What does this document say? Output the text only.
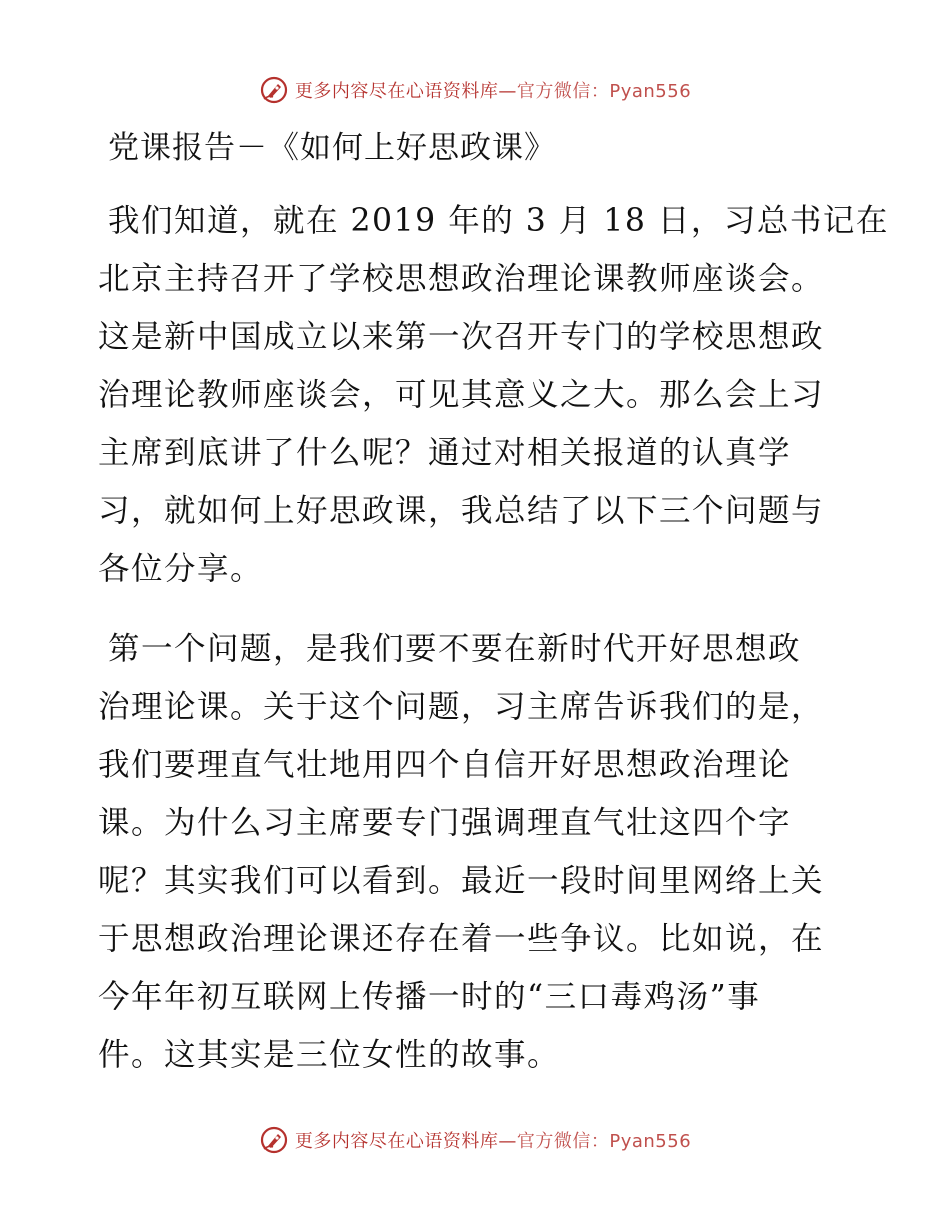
更多内容尽在心语资料库—官方微信：Pyan556
党课报告－《如何上好思政课》

我们知道，就在 2019 年的 3 月 18 日，习总书记在
北京主持召开了学校思想政治理论课教师座谈会。
这是新中国成立以来第一次召开专门的学校思想政
治理论教师座谈会，可见其意义之大。那么会上习
主席到底讲了什么呢？通过对相关报道的认真学
习，就如何上好思政课，我总结了以下三个问题与
各位分享。

第一个问题，是我们要不要在新时代开好思想政
治理论课。关于这个问题，习主席告诉我们的是，
我们要理直气壮地用四个自信开好思想政治理论
课。为什么习主席要专门强调理直气壮这四个字
呢？其实我们可以看到。最近一段时间里网络上关
于思想政治理论课还存在着一些争议。比如说，在
今年年初互联网上传播一时的“三口毒鸡汤”事
件。这其实是三位女性的故事。

更多内容尽在心语资料库—官方微信：Pyan556
